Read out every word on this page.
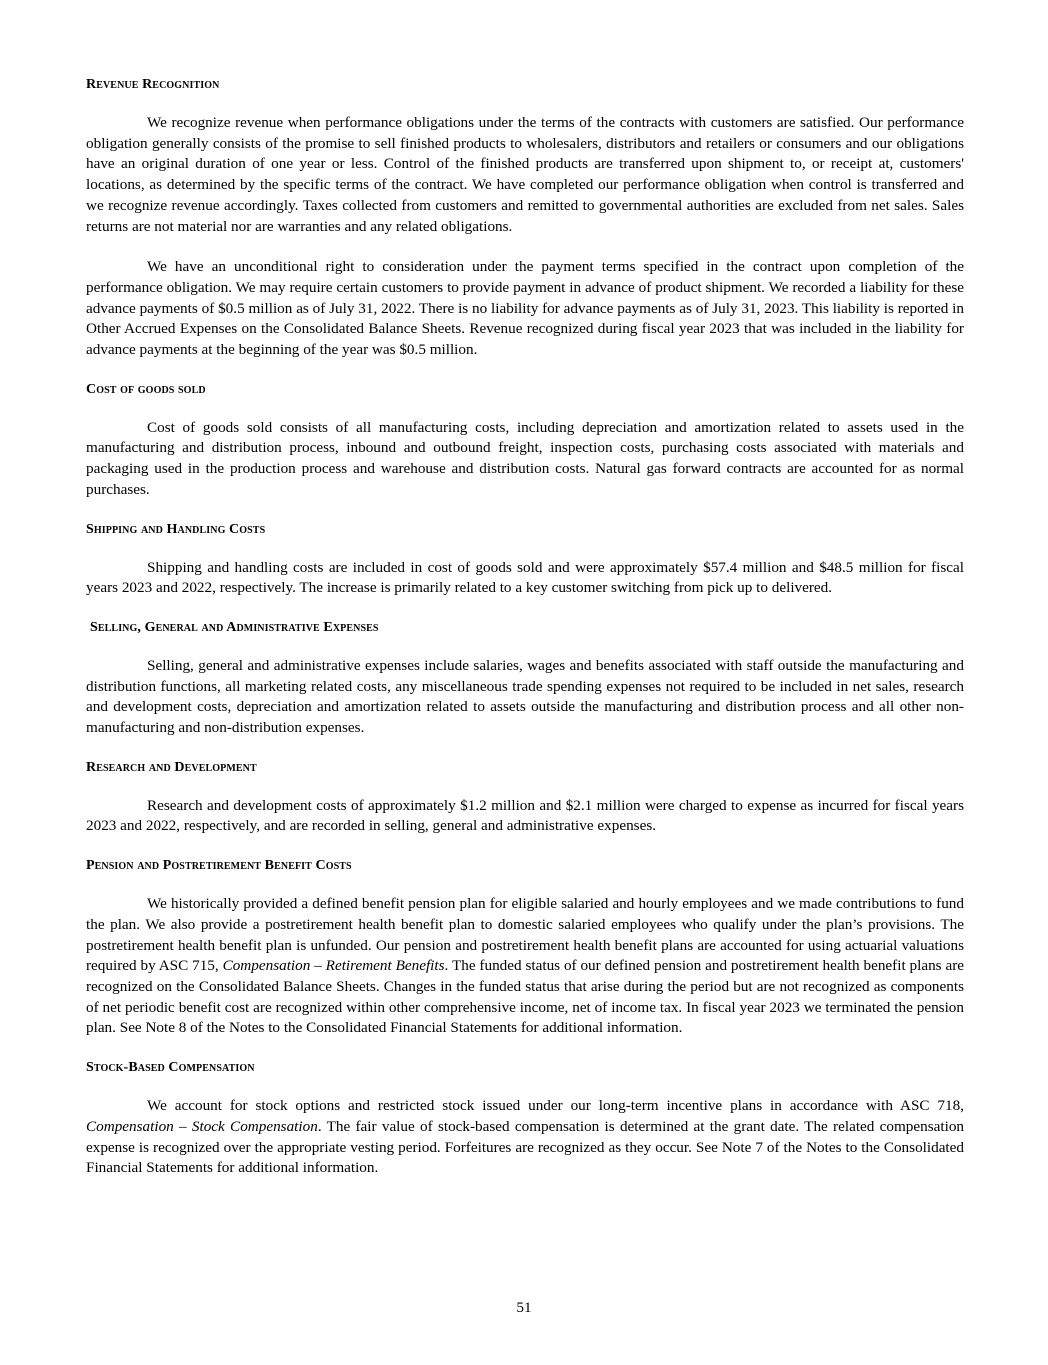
Revenue Recognition

We recognize revenue when performance obligations under the terms of the contracts with customers are satisfied. Our performance obligation generally consists of the promise to sell finished products to wholesalers, distributors and retailers or consumers and our obligations have an original duration of one year or less. Control of the finished products are transferred upon shipment to, or receipt at, customers' locations, as determined by the specific terms of the contract. We have completed our performance obligation when control is transferred and we recognize revenue accordingly. Taxes collected from customers and remitted to governmental authorities are excluded from net sales. Sales returns are not material nor are warranties and any related obligations.

We have an unconditional right to consideration under the payment terms specified in the contract upon completion of the performance obligation. We may require certain customers to provide payment in advance of product shipment. We recorded a liability for these advance payments of $0.5 million as of July 31, 2022. There is no liability for advance payments as of July 31, 2023. This liability is reported in Other Accrued Expenses on the Consolidated Balance Sheets. Revenue recognized during fiscal year 2023 that was included in the liability for advance payments at the beginning of the year was $0.5 million.

Cost of goods sold

Cost of goods sold consists of all manufacturing costs, including depreciation and amortization related to assets used in the manufacturing and distribution process, inbound and outbound freight, inspection costs, purchasing costs associated with materials and packaging used in the production process and warehouse and distribution costs. Natural gas forward contracts are accounted for as normal purchases.

Shipping and Handling Costs

Shipping and handling costs are included in cost of goods sold and were approximately $57.4 million and $48.5 million for fiscal years 2023 and 2022, respectively. The increase is primarily related to a key customer switching from pick up to delivered.

Selling, General and Administrative Expenses

Selling, general and administrative expenses include salaries, wages and benefits associated with staff outside the manufacturing and distribution functions, all marketing related costs, any miscellaneous trade spending expenses not required to be included in net sales, research and development costs, depreciation and amortization related to assets outside the manufacturing and distribution process and all other non-manufacturing and non-distribution expenses.

Research and Development

Research and development costs of approximately $1.2 million and $2.1 million were charged to expense as incurred for fiscal years 2023 and 2022, respectively, and are recorded in selling, general and administrative expenses.

Pension and Postretirement Benefit Costs

We historically provided a defined benefit pension plan for eligible salaried and hourly employees and we made contributions to fund the plan. We also provide a postretirement health benefit plan to domestic salaried employees who qualify under the plan’s provisions. The postretirement health benefit plan is unfunded. Our pension and postretirement health benefit plans are accounted for using actuarial valuations required by ASC 715, Compensation – Retirement Benefits. The funded status of our defined pension and postretirement health benefit plans are recognized on the Consolidated Balance Sheets. Changes in the funded status that arise during the period but are not recognized as components of net periodic benefit cost are recognized within other comprehensive income, net of income tax. In fiscal year 2023 we terminated the pension plan. See Note 8 of the Notes to the Consolidated Financial Statements for additional information.

Stock-Based Compensation

We account for stock options and restricted stock issued under our long-term incentive plans in accordance with ASC 718, Compensation – Stock Compensation. The fair value of stock-based compensation is determined at the grant date. The related compensation expense is recognized over the appropriate vesting period. Forfeitures are recognized as they occur. See Note 7 of the Notes to the Consolidated Financial Statements for additional information.

51
